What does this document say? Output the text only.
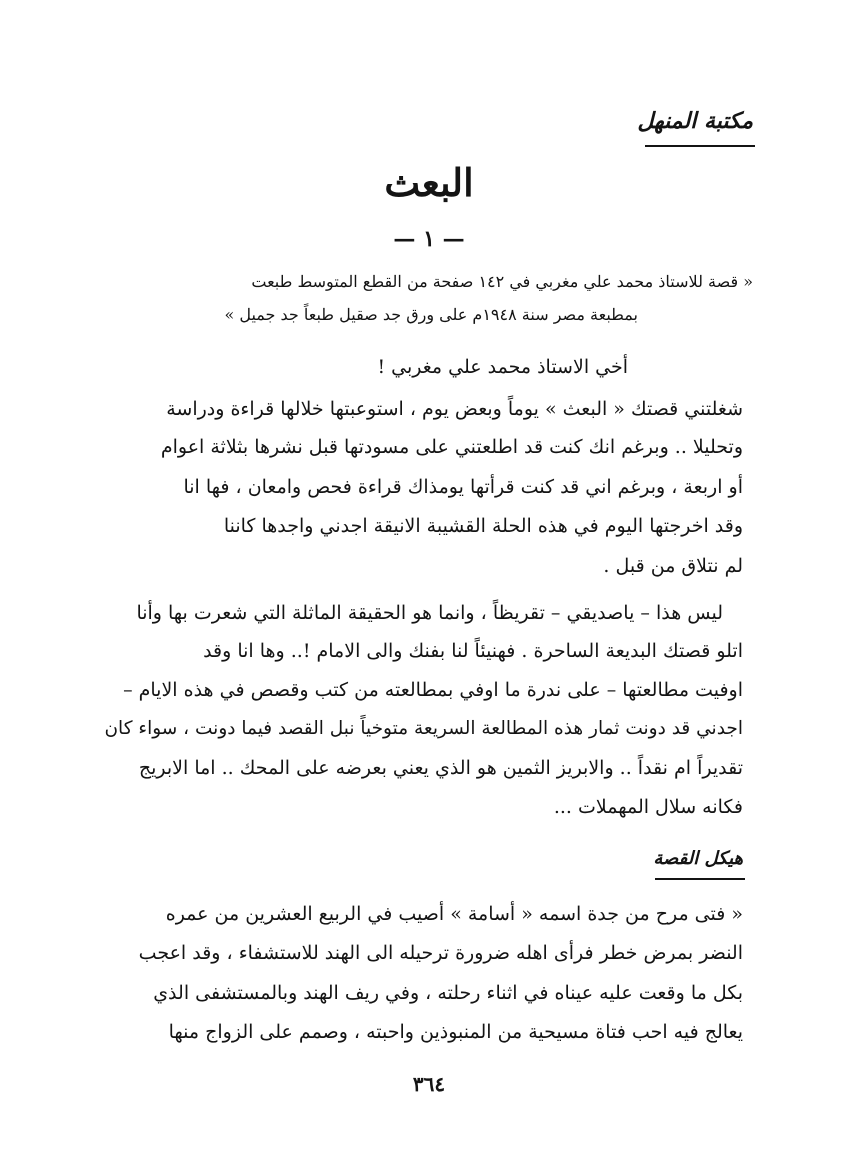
مكتبة المنهل
البعث
— ١ —
« قصة للاستاذ محمد علي مغربي في ١٤٢ صفحة من القطع المتوسط طبعت
بمطبعة مصر سنة ١٩٤٨م على ورق جد صقيل طبعاً جد جميل »
أخي الاستاذ محمد علي مغربي !
شغلتني قصتك « البعث » يوماً وبعض يوم ، استوعبتها خلالها قراءة ودراسة
وتحليلا .. وبرغم انك كنت قد اطلعتني على مسودتها قبل نشرها بثلاثة اعوام
أو اربعة ، وبرغم اني قد كنت قرأتها يومذاك قراءة فحص وامعان ، فها انا
وقد اخرجتها اليوم في هذه الحلة القشيبة الانيقة اجدني واجدها كاننا
لم نتلاق من قبل .
ليس هذا – ياصديقي – تقريظاً ، وانما هو الحقيقة الماثلة التي شعرت بها وأنا
اتلو قصتك البديعة الساحرة . فهنيئاً لنا بفنك والى الامام !.. وها انا وقد
اوفيت مطالعتها – على ندرة ما اوفي بمطالعته من كتب وقصص في هذه الايام –
اجدني قد دونت ثمار هذه المطالعة السريعة متوخياً نبل القصد فيما دونت ، سواء كان
تقديراً ام نقداً .. والابريز الثمين هو الذي يعني بعرضه على المحك .. اما الابريج
فكانه سلال المهملات ...
هيكل القصة
« فتى مرح من جدة اسمه « أسامة » أصيب في الربيع العشرين من عمره
النضر بمرض خطر فرأى اهله ضرورة ترحيله الى الهند للاستشفاء ، وقد اعجب
بكل ما وقعت عليه عيناه في اثناء رحلته ، وفي ريف الهند وبالمستشفى الذي
يعالج فيه احب فتاة مسيحية من المنبوذين واحبته ، وصمم على الزواج منها
٣٦٤
